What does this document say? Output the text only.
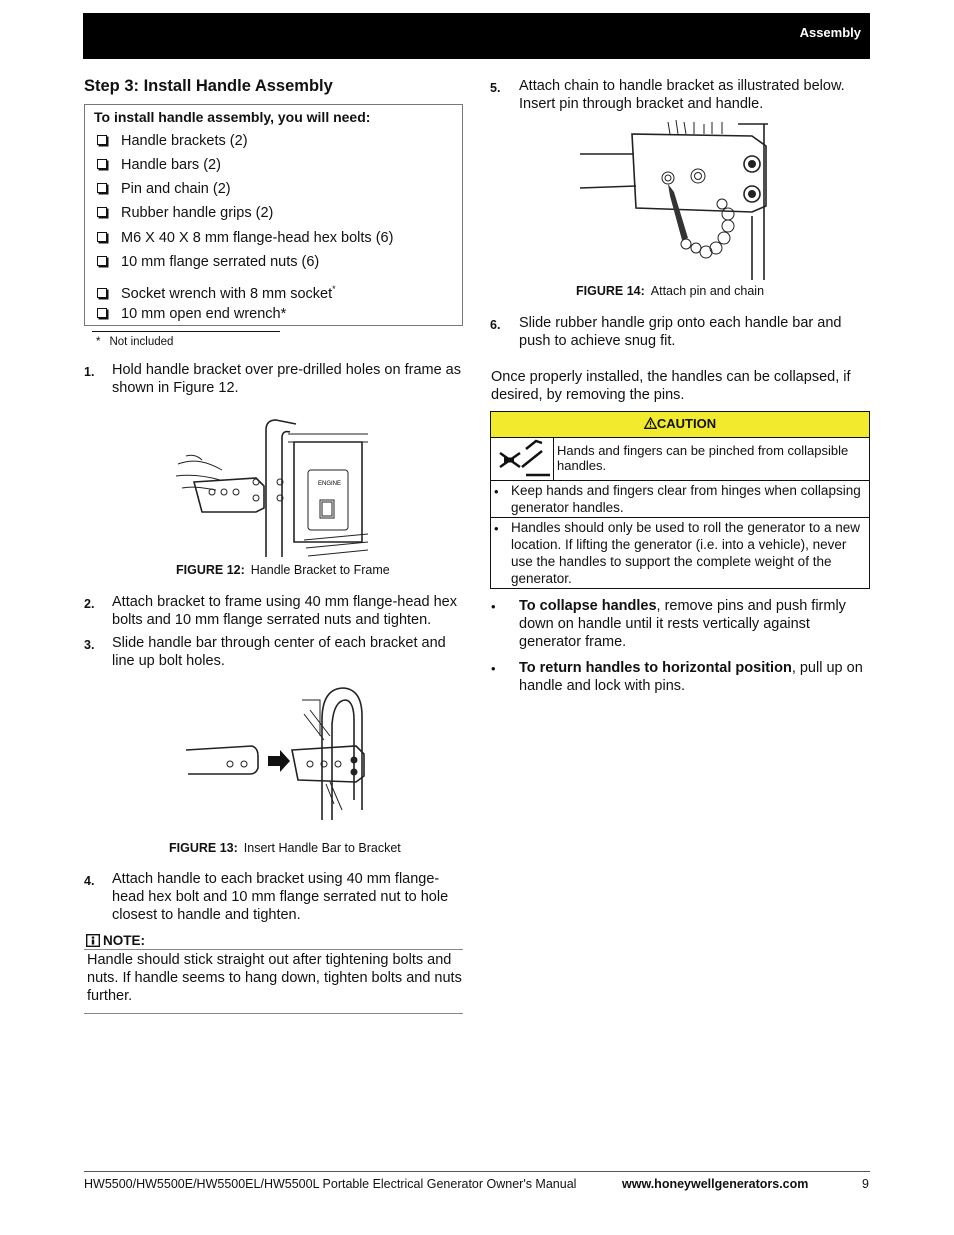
Assembly
Step 3: Install Handle Assembly
To install handle assembly, you will need:
Handle brackets (2)
Handle bars (2)
Pin and chain (2)
Rubber handle grips (2)
M6 X 40 X 8 mm flange-head hex bolts (6)
10 mm flange serrated nuts (6)
Socket wrench with 8 mm socket*
10 mm open end wrench*
* Not included
1. Hold handle bracket over pre-drilled holes on frame as shown in Figure 12.
ENGINE
FIGURE 12: Handle Bracket to Frame
2. Attach bracket to frame using 40 mm flange-head hex bolts and 10 mm flange serrated nuts and tighten.
3. Slide handle bar through center of each bracket and line up bolt holes.
FIGURE 13: Insert Handle Bar to Bracket
4. Attach handle to each bracket using 40 mm flange-head hex bolt and 10 mm flange serrated nut to hole closest to handle and tighten.
NOTE:
Handle should stick straight out after tightening bolts and nuts. If handle seems to hang down, tighten bolts and nuts further.
5. Attach chain to handle bracket as illustrated below. Insert pin through bracket and handle.
FIGURE 14: Attach pin and chain
6. Slide rubber handle grip onto each handle bar and push to achieve snug fit.
Once properly installed, the handles can be collapsed, if desired, by removing the pins.
CAUTION
Hands and fingers can be pinched from collapsible handles.
• Keep hands and fingers clear from hinges when collapsing generator handles.
• Handles should only be used to roll the generator to a new location. If lifting the generator (i.e. into a vehicle), never use the handles to support the complete weight of the generator.
• To collapse handles, remove pins and push firmly down on handle until it rests vertically against generator frame.
• To return handles to horizontal position, pull up on handle and lock with pins.
HW5500/HW5500E/HW5500EL/HW5500L Portable Electrical Generator Owner's Manual	www.honeywellgenerators.com	9
